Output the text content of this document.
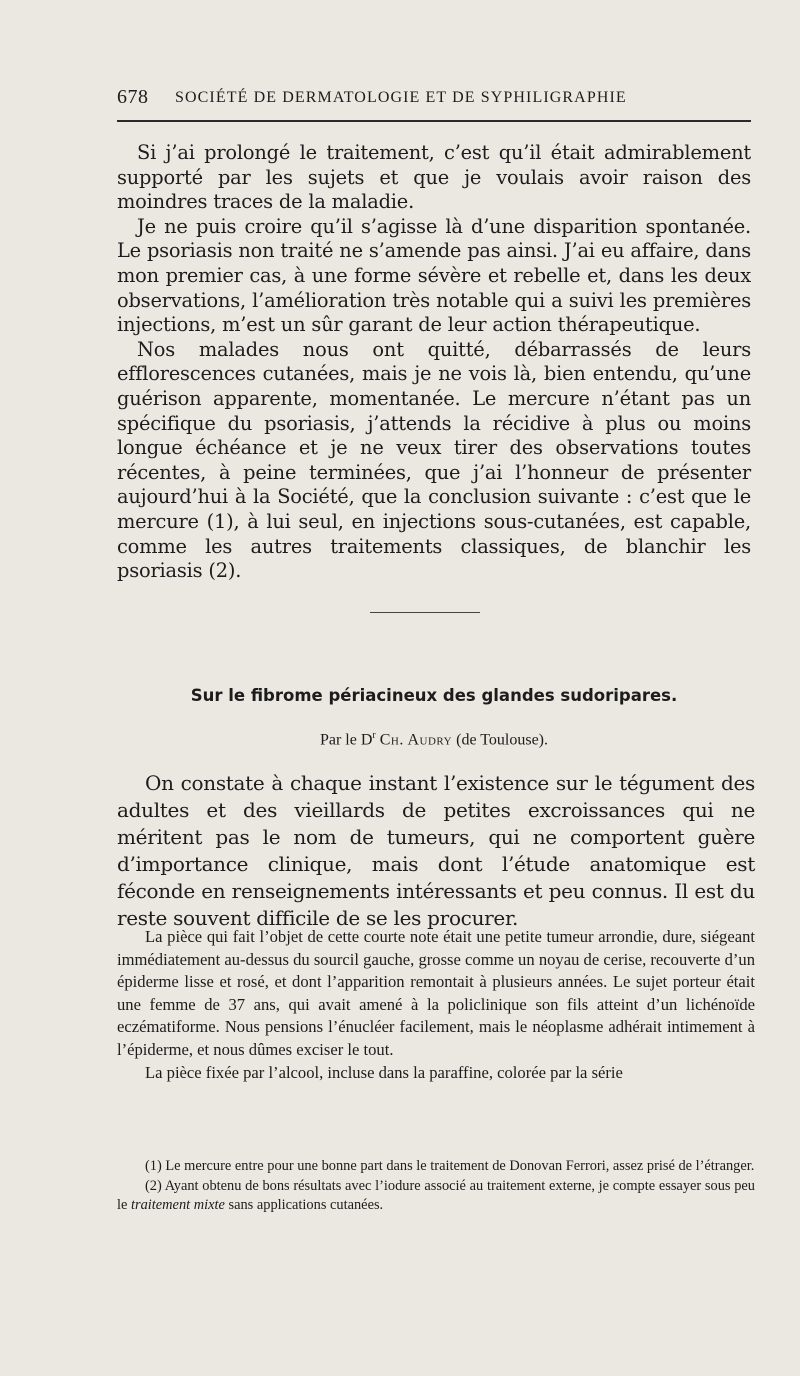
678 SOCIÉTÉ DE DERMATOLOGIE ET DE SYPHILIGRAPHIE

Si j’ai prolongé le traitement, c’est qu’il était admirablement supporté par les sujets et que je voulais avoir raison des moindres traces de la maladie.

Je ne puis croire qu’il s’agisse là d’une disparition spontanée. Le psoriasis non traité ne s’amende pas ainsi. J’ai eu affaire, dans mon premier cas, à une forme sévère et rebelle et, dans les deux observations, l’amélioration très notable qui a suivi les premières injections, m’est un sûr garant de leur action thérapeutique.

Nos malades nous ont quitté, débarrassés de leurs efflorescences cutanées, mais je ne vois là, bien entendu, qu’une guérison apparente, momentanée. Le mercure n’étant pas un spécifique du psoriasis, j’attends la récidive à plus ou moins longue échéance et je ne veux tirer des observations toutes récentes, à peine terminées, que j’ai l’honneur de présenter aujourd’hui à la Société, que la conclusion suivante : c’est que le mercure (1), à lui seul, en injections sous-cutanées, est capable, comme les autres traitements classiques, de blanchir les psoriasis (2).

Sur le fibrome périacineux des glandes sudoripares.
Par le $D^r$ Ch. Audry (de Toulouse).

On constate à chaque instant l’existence sur le tégument des adultes et des vieillards de petites excroissances qui ne méritent pas le nom de tumeurs, qui ne comportent guère d’importance clinique, mais dont l’étude anatomique est féconde en renseignements intéressants et peu connus. Il est du reste souvent difficile de se les procurer.

La pièce qui fait l’objet de cette courte note était une petite tumeur arrondie, dure, siégeant immédiatement au-dessus du sourcil gauche, grosse comme un noyau de cerise, recouverte d’un épiderme lisse et rosé, et dont l’apparition remontait à plusieurs années. Le sujet porteur était une femme de 37 ans, qui avait amené à la policlinique son fils atteint d’un lichénoïde eczématiforme. Nous pensions l’énucléer facilement, mais le néoplasme adhérait intimement à l’épiderme, et nous dûmes exciser le tout.

La pièce fixée par l’alcool, incluse dans la paraffine, colorée par la série

(1) Le mercure entre pour une bonne part dans le traitement de Donovan Ferrori, assez prisé de l’étranger.

(2) Ayant obtenu de bons résultats avec l’iodure associé au traitement externe, je compte essayer sous peu le traitement mixte sans applications cutanées.
